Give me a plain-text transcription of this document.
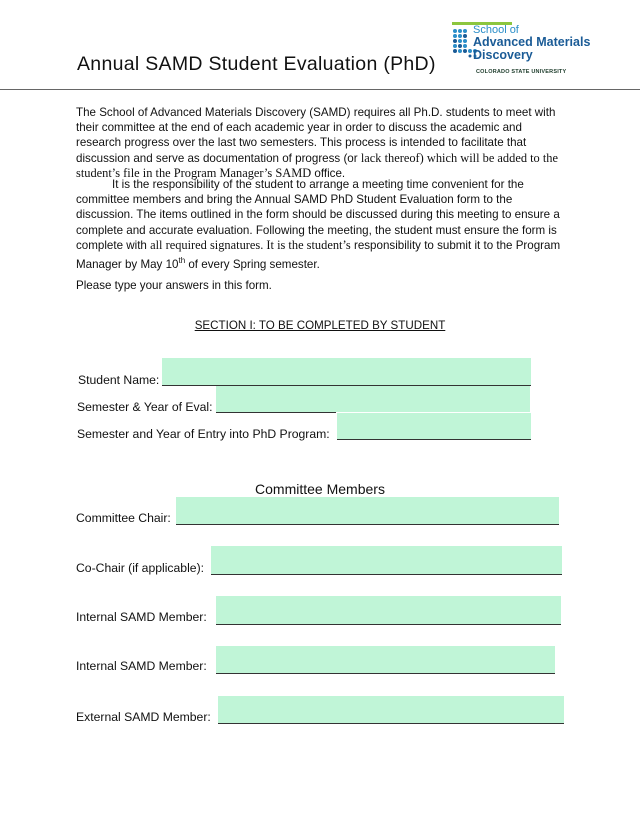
Annual SAMD Student Evaluation (PhD)
School of
Advanced Materials
Discovery
COLORADO STATE UNIVERSITY

The School of Advanced Materials Discovery (SAMD) requires all Ph.D. students to meet with their committee at the end of each academic year in order to discuss the academic and research progress over the last two semesters. This process is intended to facilitate that discussion and serve as documentation of progress (or lack thereof) which will be added to the student’s file in the Program Manager’s SAMD office.

It is the responsibility of the student to arrange a meeting time convenient for the committee members and bring the Annual SAMD PhD Student Evaluation form to the discussion. The items outlined in the form should be discussed during this meeting to ensure a complete and accurate evaluation. Following the meeting, the student must ensure the form is complete with all required signatures. It is the student’s responsibility to submit it to the Program Manager by May 10th of every Spring semester.

Please type your answers in this form.
SECTION I: TO BE COMPLETED BY STUDENT
Student Name:
Semester & Year of Eval:
Semester and Year of Entry into PhD Program:
Committee Members
Committee Chair:
Co-Chair (if applicable):
Internal SAMD Member:
Internal SAMD Member:
External SAMD Member:
